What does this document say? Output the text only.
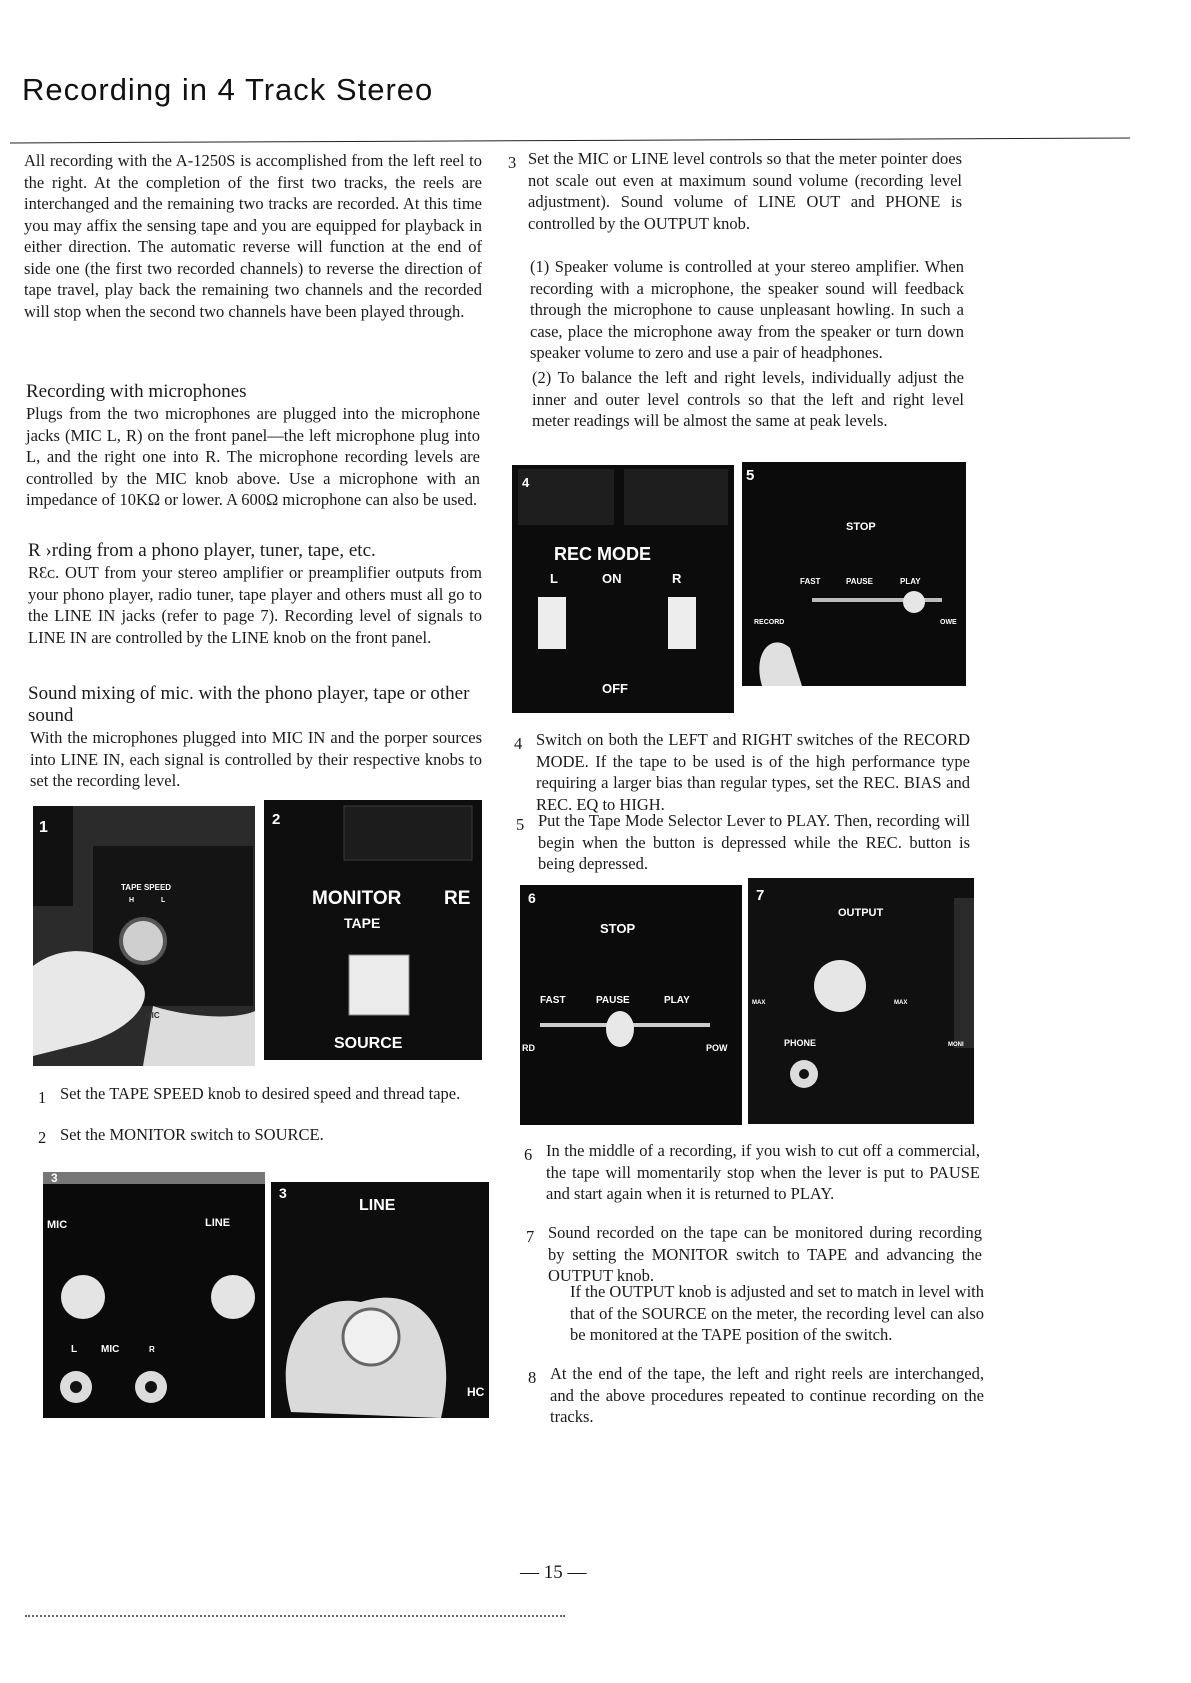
Recording in 4 Track Stereo

All recording with the A-1250S is accomplished from the left reel to the right. At the completion of the first two tracks, the reels are interchanged and the remaining two tracks are recorded. At this time you may affix the sensing tape and you are equipped for playback in either direction. The automatic reverse will function at the end of side one (the first two recorded channels) to reverse the direction of tape travel, play back the remaining two channels and the recorded will stop when the second two channels have been played through.

Recording with microphones

Plugs from the two microphones are plugged into the microphone jacks (MIC L, R) on the front panel—the left microphone plug into L, and the right one into R. The microphone recording levels are controlled by the MIC knob above. Use a microphone with an impedance of 10KΩ or lower. A 600Ω microphone can also be used.

R ›rding from a phono player, tuner, tape, etc.

RƐᴄ. OUT from your stereo amplifier or preamplifier outputs from your phono player, radio tuner, tape player and others must all go to the LINE IN jacks (refer to page 7). Recording level of signals to LINE IN are controlled by the LINE knob on the front panel.

Sound mixing of mic. with the phono player, tape or other sound

With the microphones plugged into MIC IN and the porper sources into LINE IN, each signal is controlled by their respective knobs to set the recording level.

1
TAPE SPEED
H	L
MIC
2
MONITOR RE
TAPE
SOURCE

1 Set the TAPE SPEED knob to desired speed and thread tape.

2 Set the MONITOR switch to SOURCE.

3
MIC	LINE
L MIC	R
3
LINE
HC

3 Set the MIC or LINE level controls so that the meter pointer does not scale out even at maximum sound volume (recording level adjustment). Sound volume of LINE OUT and PHONE is controlled by the OUTPUT knob.

(1) Speaker volume is controlled at your stereo amplifier. When recording with a microphone, the speaker sound will feedback through the microphone to cause unpleasant howling. In such a case, place the microphone away from the speaker or turn down speaker volume to zero and use a pair of headphones.

(2) To balance the left and right levels, individually adjust the inner and outer level controls so that the left and right level meter readings will be almost the same at peak levels.

4
REC MODE
L	ON	R
OFF
5
STOP
FAST	PAUSE	PLAY
RECORD	OWE

4 Switch on both the LEFT and RIGHT switches of the RECORD MODE. If the tape to be used is of the high performance type requiring a larger bias than regular types, set the REC. BIAS and REC. EQ to HIGH.

5 Put the Tape Mode Selector Lever to PLAY. Then, recording will begin when the button is depressed while the REC. button is being depressed.

6
STOP
FAST	PAUSE	PLAY
RD	POW
7
OUTPUT
MAX	MAX
PHONE	MONI

6 In the middle of a recording, if you wish to cut off a commercial, the tape will momentarily stop when the lever is put to PAUSE and start again when it is returned to PLAY.

7 Sound recorded on the tape can be monitored during recording by setting the MONITOR switch to TAPE and advancing the OUTPUT knob.

If the OUTPUT knob is adjusted and set to match in level with that of the SOURCE on the meter, the recording level can also be monitored at the TAPE position of the switch.

8 At the end of the tape, the left and right reels are interchanged, and the above procedures repeated to continue recording on the tracks.

— 15 —
